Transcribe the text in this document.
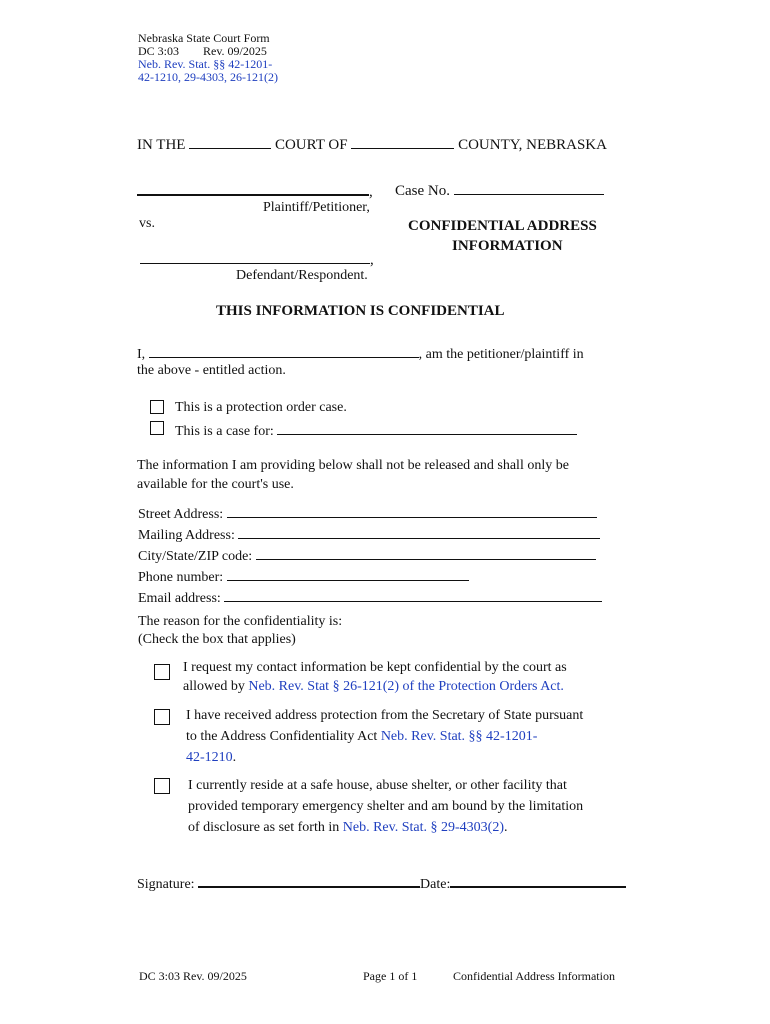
Nebraska State Court Form
DC 3:03 Rev. 09/2025
Neb. Rev. Stat. §§ 42-1201-
42-1210, 29-4303, 26-121(2)
IN THE	COURT OF	COUNTY, NEBRASKA
,
Plaintiff/Petitioner,
Case No.
vs.	CONFIDENTIAL ADDRESS
INFORMATION
,
Defendant/Respondent.
THIS INFORMATION IS CONFIDENTIAL
I,	, am the petitioner/plaintiff in
the above - entitled action.
This is a protection order case.
This is a case for:
The information I am providing below shall not be released and shall only be
available for the court's use.
Street Address:
Mailing Address:
City/State/ZIP code:
Phone number:
Email address:
The reason for the confidentiality is:
(Check the box that applies)
I request my contact information be kept confidential by the court as
allowed by Neb. Rev. Stat § 26-121(2) of the Protection Orders Act.
I have received address protection from the Secretary of State pursuant
to the Address Confidentiality Act Neb. Rev. Stat. §§ 42-1201-
42-1210.
I currently reside at a safe house, abuse shelter, or other facility that
provided temporary emergency shelter and am bound by the limitation
of disclosure as set forth in Neb. Rev. Stat. § 29-4303(2).
Signature:	Date:
DC 3:03 Rev. 09/2025	Page 1 of 1	Confidential Address Information
